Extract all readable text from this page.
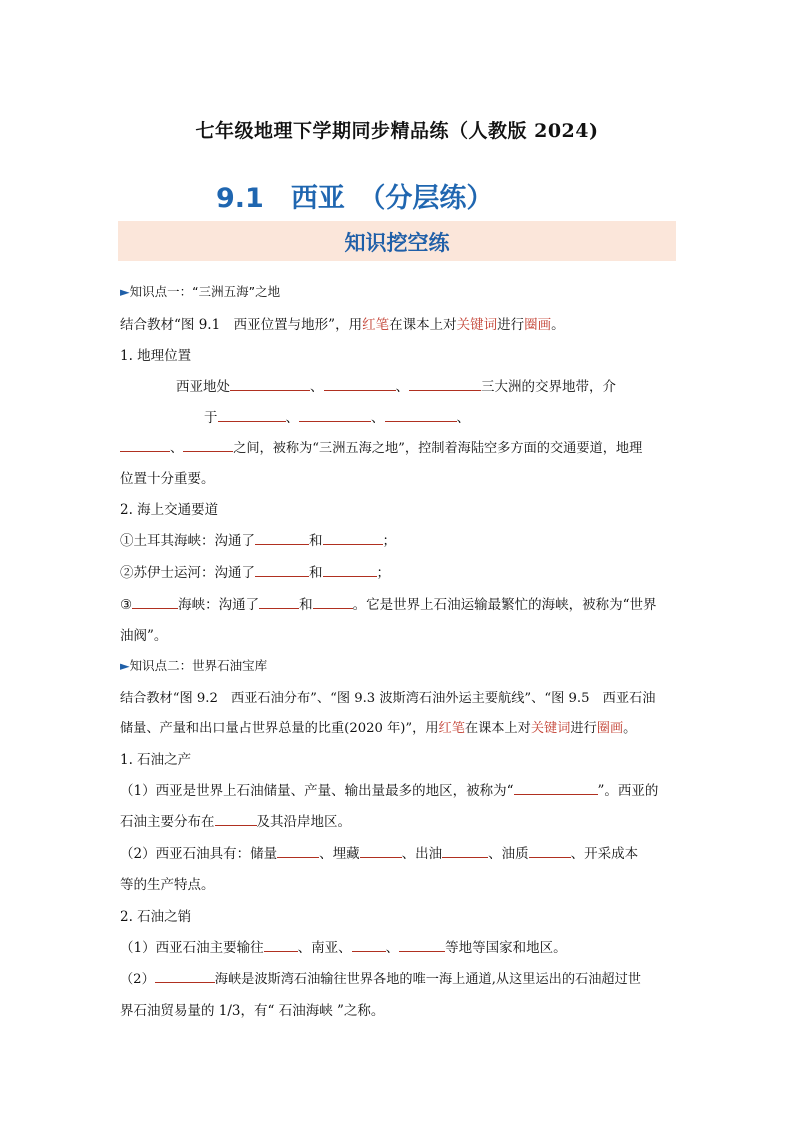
七年级地理下学期同步精品练（人教版 2024)
9.1　西亚　（分层练）
知识挖空练
►知识点一：“三洲五海”之地
结合教材“图 9.1　西亚位置与地形”，用红笔在课本上对关键词进行圈画。
1. 地理位置
西亚地处	、	、	三大洲的交界地带，介
于	、	、	、
、	之间，被称为“三洲五海之地”，控制着海陆空多方面的交通要道，地理
位置十分重要。
2. 海上交通要道
①土耳其海峡：沟通了	和	；
②苏伊士运河：沟通了	和	；
③	海峡：沟通了	和	。它是世界上石油运输最繁忙的海峡，被称为“世界
油阀”。
►知识点二：世界石油宝库
结合教材“图 9.2　西亚石油分布”、“图 9.3 波斯湾石油外运主要航线”、“图 9.5　西亚石油
储量、产量和出口量占世界总量的比重(2020 年)”，用红笔在课本上对关键词进行圈画。
1. 石油之产
（1）西亚是世界上石油储量、产量、输出量最多的地区，被称为“	”。西亚的
石油主要分布在	及其沿岸地区。
（2）西亚石油具有：储量	、埋藏	、出油	、油质	、开采成本
等的生产特点。
2. 石油之销
（1）西亚石油主要输往	、南亚、	、	等地等国家和地区。
（2）	海峡是波斯湾石油输往世界各地的唯一海上通道,从这里运出的石油超过世
界石油贸易量的 1/3，有“ 石油海峡 ”之称。
